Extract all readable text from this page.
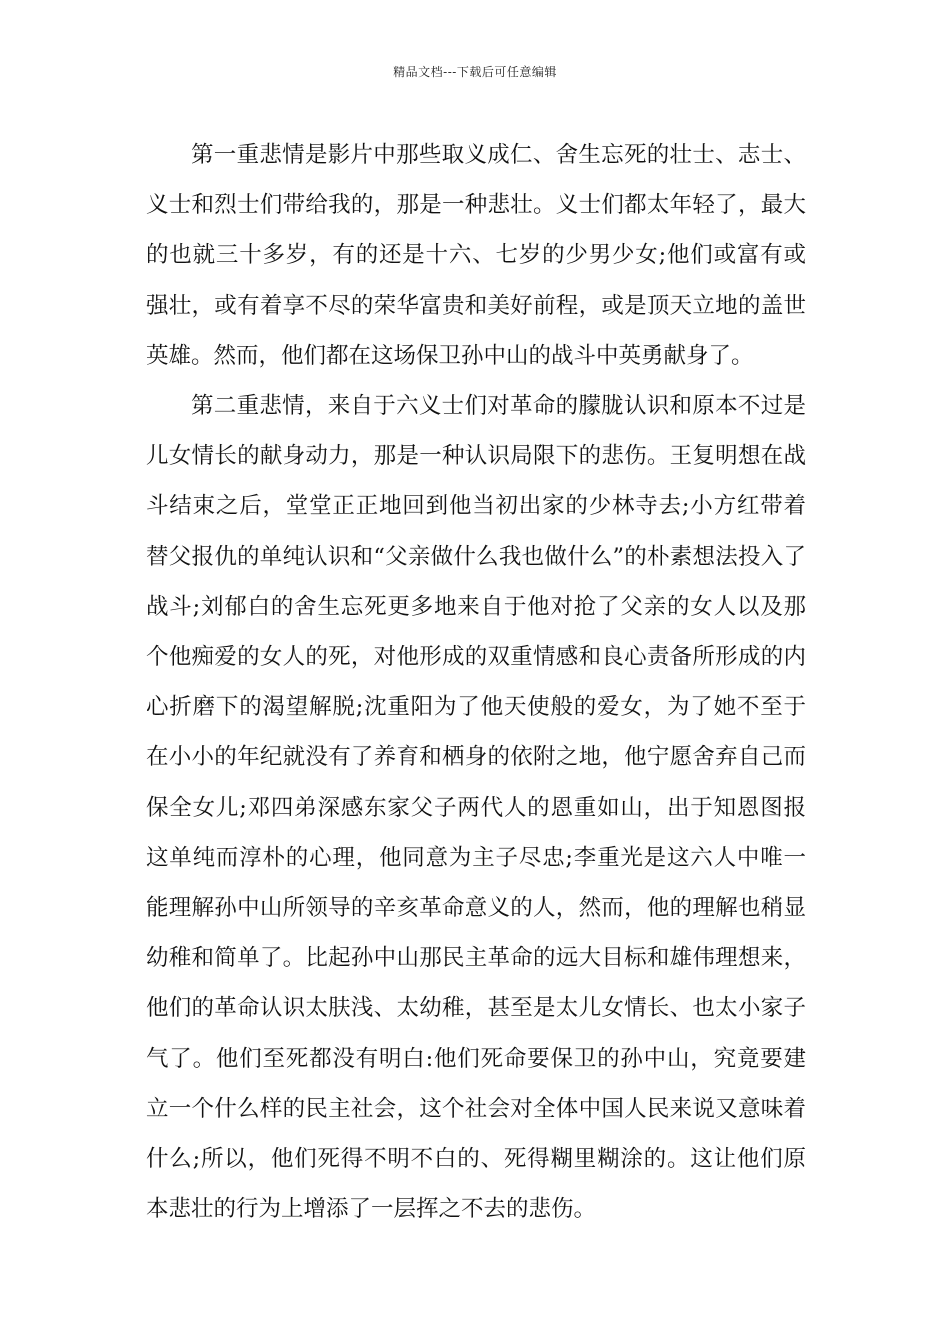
精品文档---下载后可任意编辑

第一重悲情是影片中那些取义成仁、舍生忘死的壮士、志士、义士和烈士们带给我的，那是一种悲壮。义士们都太年轻了，最大的也就三十多岁，有的还是十六、七岁的少男少女;他们或富有或强壮，或有着享不尽的荣华富贵和美好前程，或是顶天立地的盖世英雄。然而，他们都在这场保卫孙中山的战斗中英勇献身了。

第二重悲情，来自于六义士们对革命的朦胧认识和原本不过是儿女情长的献身动力，那是一种认识局限下的悲伤。王复明想在战斗结束之后，堂堂正正地回到他当初出家的少林寺去;小方红带着替父报仇的单纯认识和“父亲做什么我也做什么”的朴素想法投入了战斗;刘郁白的舍生忘死更多地来自于他对抢了父亲的女人以及那个他痴爱的女人的死，对他形成的双重情感和良心责备所形成的内心折磨下的渴望解脱;沈重阳为了他天使般的爱女，为了她不至于在小小的年纪就没有了养育和栖身的依附之地，他宁愿舍弃自己而保全女儿;邓四弟深感东家父子两代人的恩重如山，出于知恩图报这单纯而淳朴的心理，他同意为主子尽忠;李重光是这六人中唯一能理解孙中山所领导的辛亥革命意义的人，然而，他的理解也稍显幼稚和简单了。比起孙中山那民主革命的远大目标和雄伟理想来，他们的革命认识太肤浅、太幼稚，甚至是太儿女情长、也太小家子气了。他们至死都没有明白:他们死命要保卫的孙中山，究竟要建立一个什么样的民主社会，这个社会对全体中国人民来说又意味着什么;所以，他们死得不明不白的、死得糊里糊涂的。这让他们原本悲壮的行为上增添了一层挥之不去的悲伤。
